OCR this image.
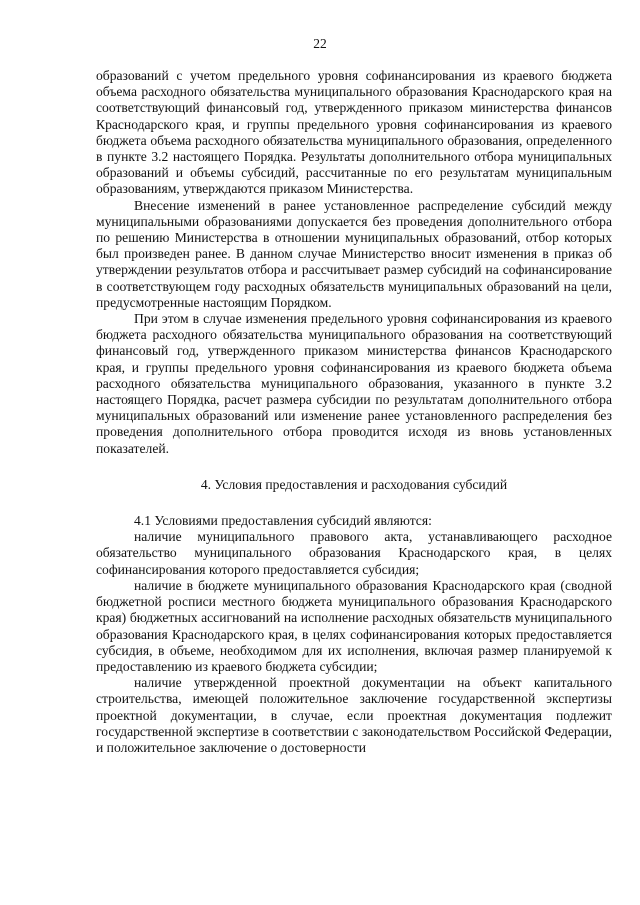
22

образований с учетом предельного уровня софинансирования из краевого бюджета объема расходного обязательства муниципального образования Краснодарского края на соответствующий финансовый год, утвержденного приказом министерства финансов Краснодарского края, и группы предельного уровня софинансирования из краевого бюджета объема расходного обязательства муниципального образования, определенного в пункте 3.2 настоящего Порядка. Результаты дополнительного отбора муниципальных образований и объемы субсидий, рассчитанные по его результатам муниципальным образованиям, утверждаются приказом Министерства.

Внесение изменений в ранее установленное распределение субсидий между муниципальными образованиями допускается без проведения дополнительного отбора по решению Министерства в отношении муниципальных образований, отбор которых был произведен ранее. В данном случае Министерство вносит изменения в приказ об утверждении результатов отбора и рассчитывает размер субсидий на софинансирование в соответствующем году расходных обязательств муниципальных образований на цели, предусмотренные настоящим Порядком.

При этом в случае изменения предельного уровня софинансирования из краевого бюджета расходного обязательства муниципального образования на соответствующий финансовый год, утвержденного приказом министерства финансов Краснодарского края, и группы предельного уровня софинансирования из краевого бюджета объема расходного обязательства муниципального образования, указанного в пункте 3.2 настоящего Порядка, расчет размера субсидии по результатам дополнительного отбора муниципальных образований или изменение ранее установленного распределения без проведения дополнительного отбора проводится исходя из вновь установленных показателей.

4. Условия предоставления и расходования субсидий

4.1 Условиями предоставления субсидий являются:

наличие муниципального правового акта, устанавливающего расходное обязательство муниципального образования Краснодарского края, в целях софинансирования которого предоставляется субсидия;

наличие в бюджете муниципального образования Краснодарского края (сводной бюджетной росписи местного бюджета муниципального образования Краснодарского края) бюджетных ассигнований на исполнение расходных обязательств муниципального образования Краснодарского края, в целях софинансирования которых предоставляется субсидия, в объеме, необходимом для их исполнения, включая размер планируемой к предоставлению из краевого бюджета субсидии;

наличие утвержденной проектной документации на объект капитального строительства, имеющей положительное заключение государственной экспертизы проектной документации, в случае, если проектная документация подлежит государственной экспертизе в соответствии с законодательством Российской Федерации, и положительное заключение о достоверности
